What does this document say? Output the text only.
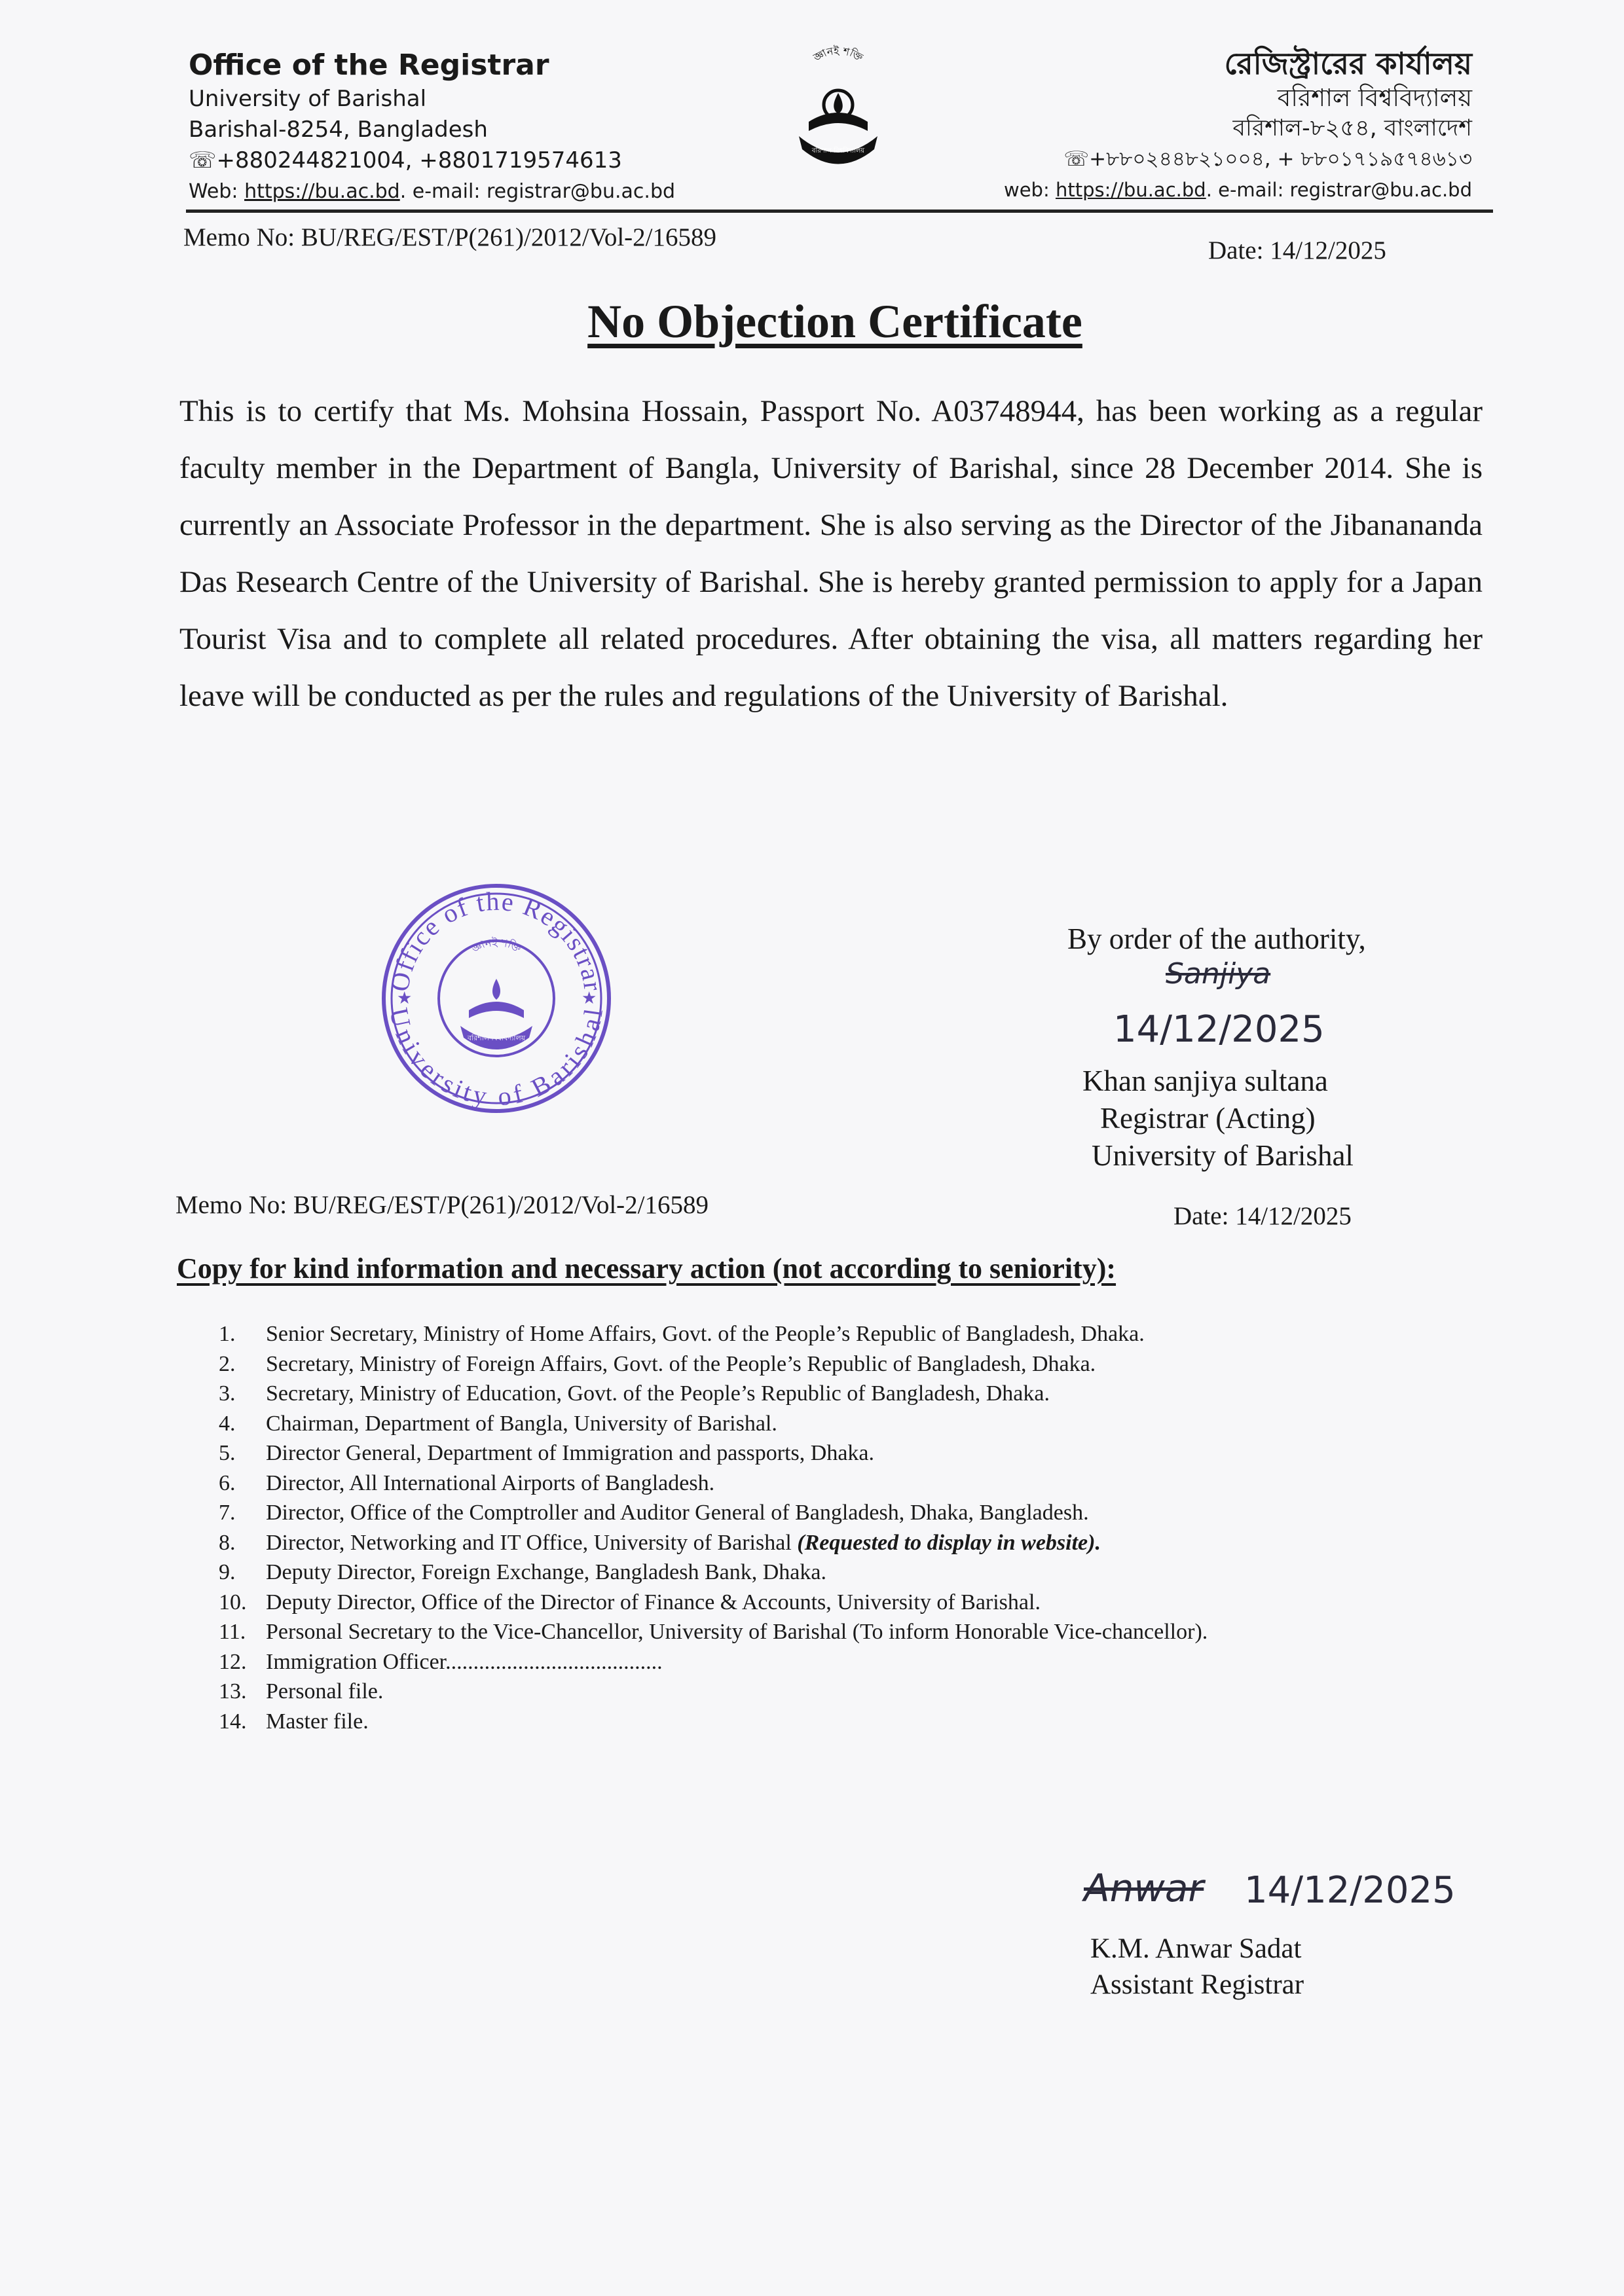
Office of the Registrar
University of Barishal
Barishal-8254, Bangladesh
☏+880244821004, +8801719574613
Web: https://bu.ac.bd. e-mail: registrar@bu.ac.bd
জ্ঞানই শক্তি
বরিশাল বিশ্ববিদ্যালয়
রেজিস্ট্রারের কার্যালয়
বরিশাল বিশ্ববিদ্যালয়
বরিশাল-৮২৫৪, বাংলাদেশ
☏+৮৮০২৪৪৮২১০০৪, + ৮৮০১৭১৯৫৭৪৬১৩
web: https://bu.ac.bd. e-mail: registrar@bu.ac.bd
Memo No: BU/REG/EST/P(261)/2012/Vol-2/16589	Date: 14/12/2025
No Objection Certificate
This is to certify that Ms. Mohsina Hossain, Passport No. A03748944, has been working as a regular faculty member in the Department of Bangla, University of Barishal, since 28 December 2014. She is currently an Associate Professor in the department. She is also serving as the Director of the Jibanananda Das Research Centre of the University of Barishal. She is hereby granted permission to apply for a Japan Tourist Visa and to complete all related procedures. After obtaining the visa, all matters regarding her leave will be conducted as per the rules and regulations of the University of Barishal.
Office of the Registrar
University of Barishal
জ্ঞানই শক্তি
★	★
বরিশাল বিশ্ববিদ্যালয়
By order of the authority,
Sanjiya
14/12/2025
Khan sanjiya sultana
Registrar (Acting)
University of Barishal
Memo No: BU/REG/EST/P(261)/2012/Vol-2/16589	Date: 14/12/2025
Copy for kind information and necessary action (not according to seniority):
1.	Senior Secretary, Ministry of Home Affairs, Govt. of the People’s Republic of Bangladesh, Dhaka.
2.	Secretary, Ministry of Foreign Affairs, Govt. of the People’s Republic of Bangladesh, Dhaka.
3.	Secretary, Ministry of Education, Govt. of the People’s Republic of Bangladesh, Dhaka.
4.	Chairman, Department of Bangla, University of Barishal.
5.	Director General, Department of Immigration and passports, Dhaka.
6.	Director, All International Airports of Bangladesh.
7.	Director, Office of the Comptroller and Auditor General of Bangladesh, Dhaka, Bangladesh.
8.	Director, Networking and IT Office, University of Barishal (Requested to display in website).
9.	Deputy Director, Foreign Exchange, Bangladesh Bank, Dhaka.
10. Deputy Director, Office of the Director of Finance & Accounts, University of Barishal.
11. Personal Secretary to the Vice-Chancellor, University of Barishal (To inform Honorable Vice-chancellor).
12. Immigration Officer.......................................
13. Personal file.
14. Master file.
Anwar 14/12/2025
K.M. Anwar Sadat
Assistant Registrar
